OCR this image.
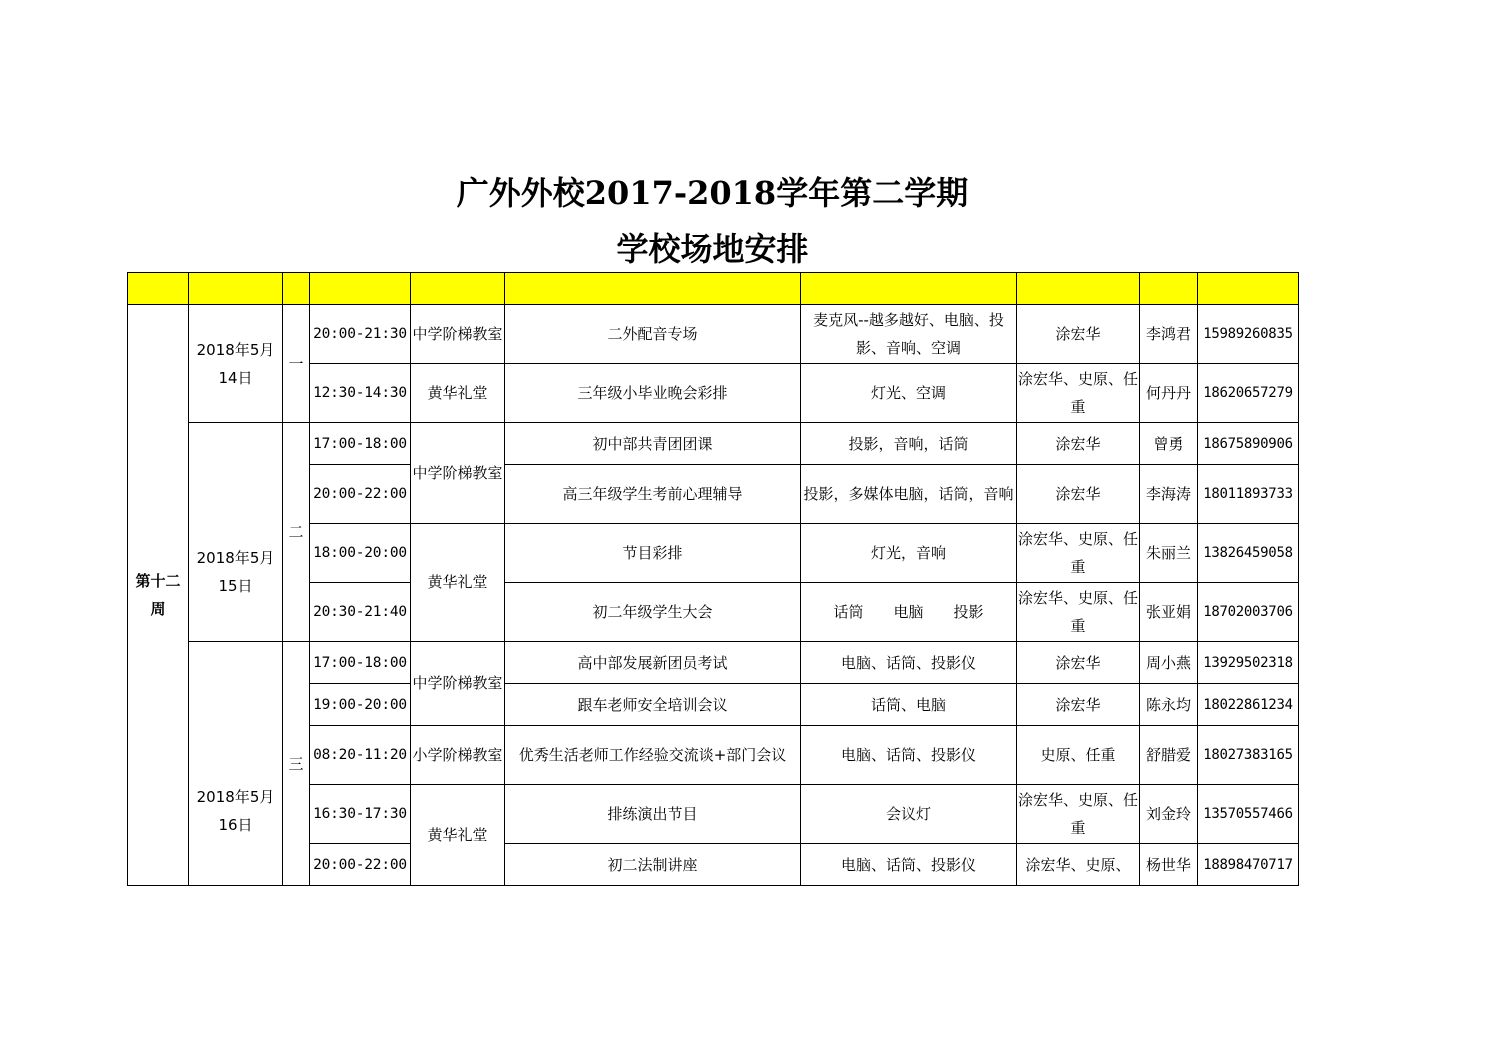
广外外校2017-2018学年第二学期
学校场地安排

第十二周	2018年5月14日	一	20:00-21:30	中学阶梯教室	二外配音专场	麦克风--越多越好、电脑、投影、音响、空调	涂宏华	李鸿君	15989260835
			12:30-14:30	黄华礼堂	三年级小毕业晚会彩排	灯光、空调	涂宏华、史原、任重	何丹丹	18620657279
	2018年5月15日	二	17:00-18:00	中学阶梯教室	初中部共青团团课	投影，音响，话筒	涂宏华	曾勇	18675890906
			20:00-22:00		高三年级学生考前心理辅导	投影，多媒体电脑，话筒，音响	涂宏华	李海涛	18011893733
			18:00-20:00	黄华礼堂	节目彩排	灯光，音响	涂宏华、史原、任重	朱丽兰	13826459058
			20:30-21:40		初二年级学生大会	话筒　　电脑　　投影	涂宏华、史原、任重	张亚娟	18702003706
	2018年5月16日	三	17:00-18:00	中学阶梯教室	高中部发展新团员考试	电脑、话筒、投影仪	涂宏华	周小燕	13929502318
			19:00-20:00		跟车老师安全培训会议	话筒、电脑	涂宏华	陈永均	18022861234
			08:20-11:20	小学阶梯教室	优秀生活老师工作经验交流谈+部门会议	电脑、话筒、投影仪	史原、任重	舒腊爱	18027383165
			16:30-17:30	黄华礼堂	排练演出节目	会议灯	涂宏华、史原、任重	刘金玲	13570557466
			20:00-22:00		初二法制讲座	电脑、话筒、投影仪	涂宏华、史原、	杨世华	18898470717
